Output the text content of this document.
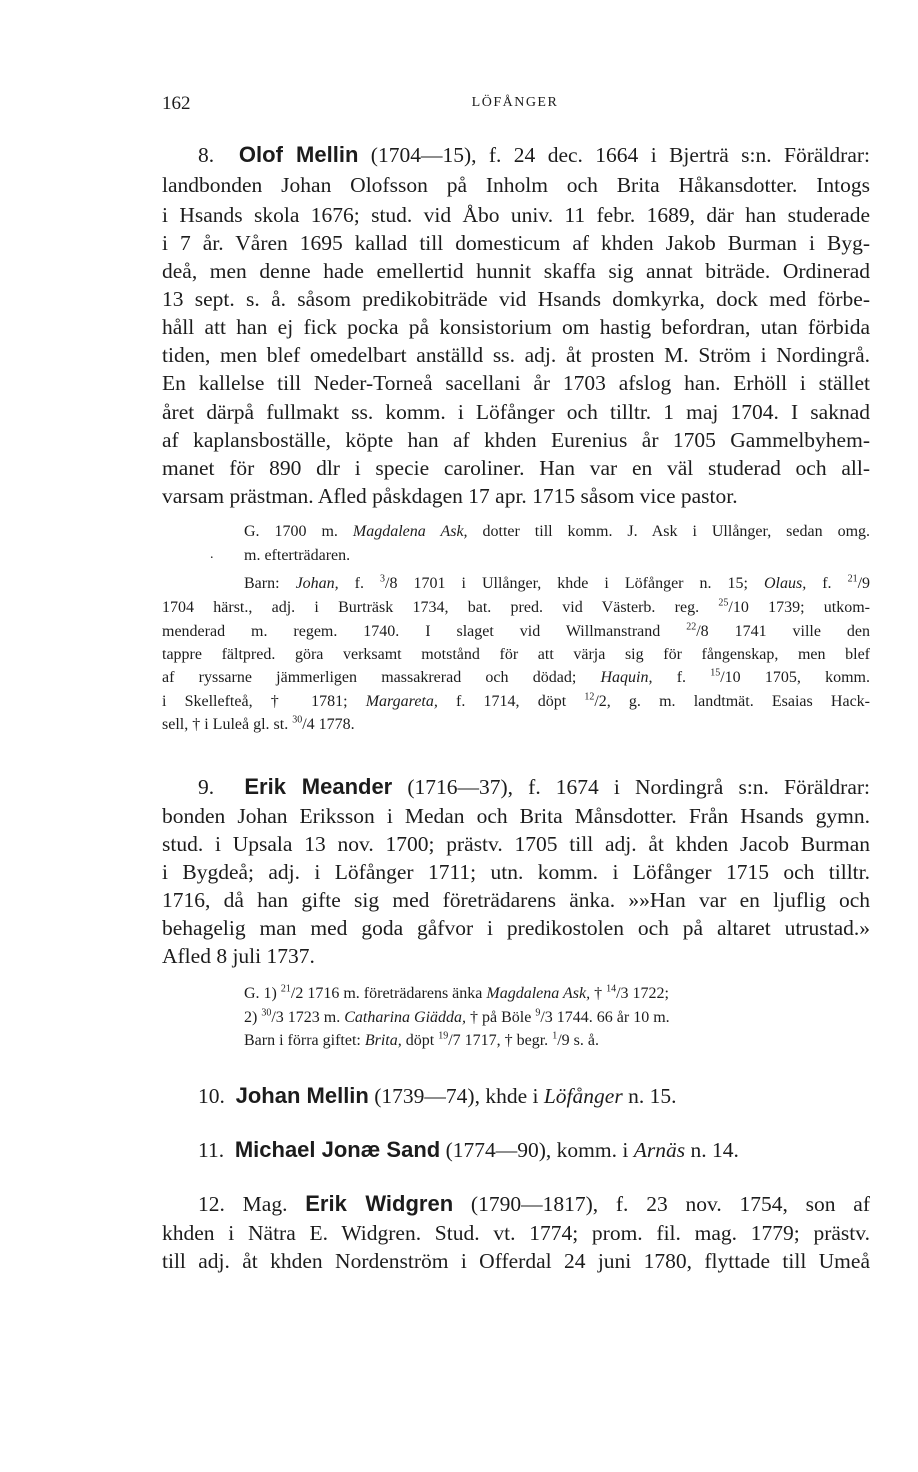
162	LÖFÅNGER
8. Olof Mellin (1704—15), f. 24 dec. 1664 i Bjerträ s:n. Föräldrar:
landbonden Johan Olofsson på Inholm och Brita Håkansdotter. Intogs
i Hsands skola 1676; stud. vid Åbo univ. 11 febr. 1689, där han studerade
i 7 år. Våren 1695 kallad till domesticum af khden Jakob Burman i Byg-
deå, men denne hade emellertid hunnit skaffa sig annat biträde. Ordinerad
13 sept. s. å. såsom predikobiträde vid Hsands domkyrka, dock med förbe-
håll att han ej fick pocka på konsistorium om hastig befordran, utan förbida
tiden, men blef omedelbart anställd ss. adj. åt prosten M. Ström i Nordingrå.
En kallelse till Neder-Torneå sacellani år 1703 afslog han. Erhöll i stället
året därpå fullmakt ss. komm. i Löfånger och tilltr. 1 maj 1704. I saknad
af kaplansboställe, köpte han af khden Eurenius år 1705 Gammelbyhem-
manet för 890 dlr i specie caroliner. Han var en väl studerad och all-
varsam prästman. Afled påskdagen 17 apr. 1715 såsom vice pastor.
G. 1700 m. Magdalena Ask, dotter till komm. J. Ask i Ullånger, sedan omg.
. m. efterträdaren.
Barn: Johan, f. $^3$/8 1701 i Ullånger, khde i Löfånger n. 15; Olaus, f. $^{21}$/9
1704 härst., adj. i Burträsk 1734, bat. pred. vid Västerb. reg. $^{25}$/10 1739; utkom-
menderad m. regem. 1740. I slaget vid Willmanstrand $^{22}$/8 1741 ville den
tappre fältpred. göra verksamt motstånd för att värja sig för fångenskap, men blef
af ryssarne jämmerligen massakrerad och dödad; Haquin, f. $^{15}$/10 1705, komm.
i Skellefteå, † 1781; Margareta, f. 1714, döpt $^{12}$/2, g. m. landtmät. Esaias Hack-
sell, † i Luleå gl. st. $^{30}$/4 1778.
9. Erik Meander (1716—37), f. 1674 i Nordingrå s:n. Föräldrar:
bonden Johan Eriksson i Medan och Brita Månsdotter. Från Hsands gymn.
stud. i Upsala 13 nov. 1700; prästv. 1705 till adj. åt khden Jacob Burman
i Bygdeå; adj. i Löfånger 1711; utn. komm. i Löfånger 1715 och tilltr.
1716, då han gifte sig med företrädarens änka. »»Han var en ljuflig och
behagelig man med goda gåfvor i predikostolen och på altaret utrustad.»
Afled 8 juli 1737.
G. 1) $^{21}$/2 1716 m. företrädarens änka Magdalena Ask, † $^{14}$/3 1722;
2) $^{30}$/3 1723 m. Catharina Giädda, † på Böle $^9$/3 1744. 66 år 10 m.
Barn i förra giftet: Brita, döpt $^{19}$/7 1717, † begr. $^1$/9 s. å.
10. Johan Mellin (1739—74), khde i Löfånger n. 15.
11. Michael Jonæ Sand (1774—90), komm. i Arnäs n. 14.
12. Mag. Erik Widgren (1790—1817), f. 23 nov. 1754, son af
khden i Nätra E. Widgren. Stud. vt. 1774; prom. fil. mag. 1779; prästv.
till adj. åt khden Nordenström i Offerdal 24 juni 1780, flyttade till Umeå
